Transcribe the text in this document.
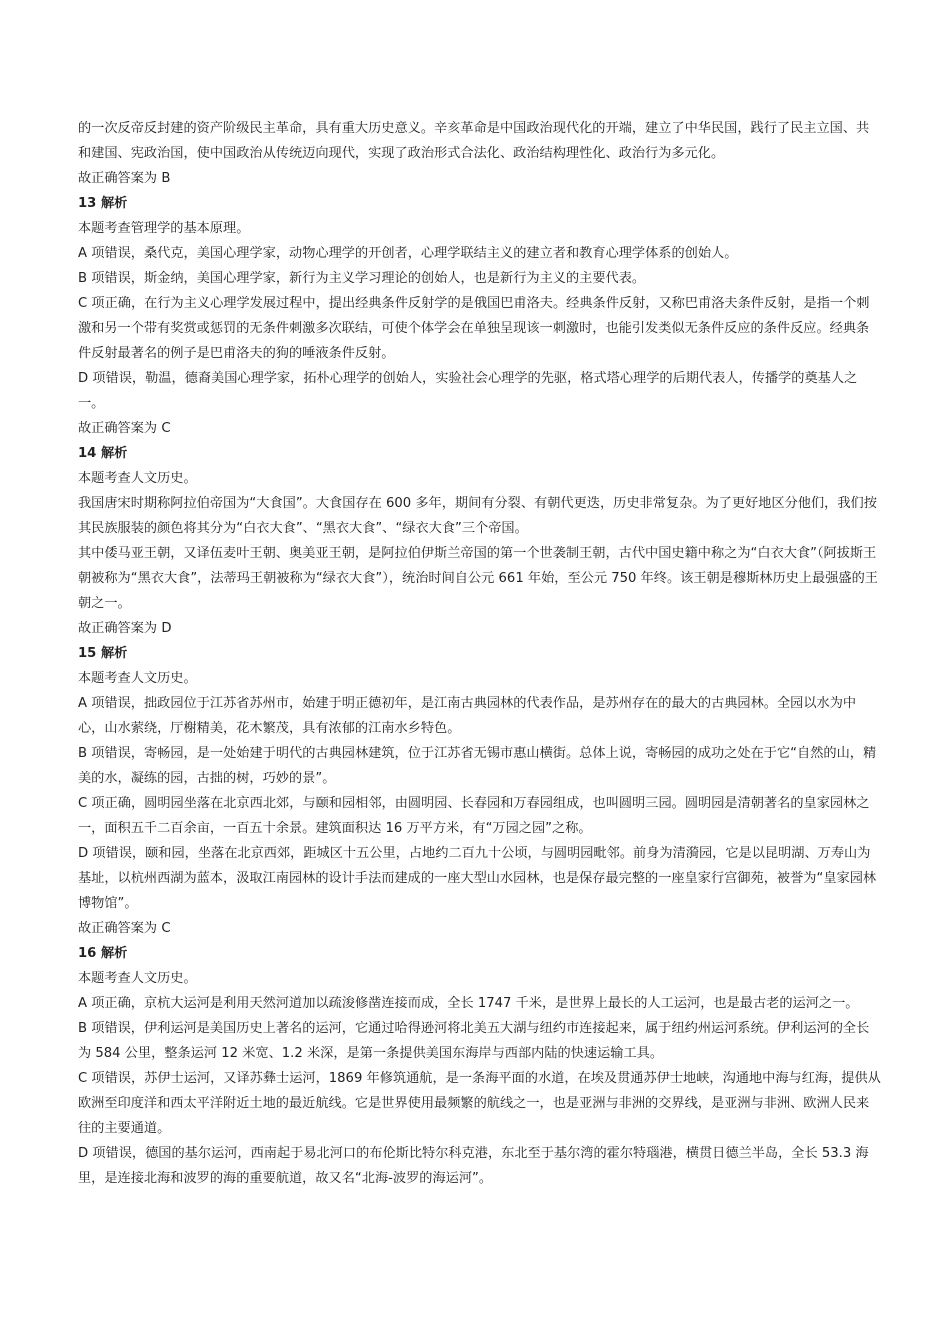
的一次反帝反封建的资产阶级民主革命，具有重大历史意义。辛亥革命是中国政治现代化的开端，建立了中华民国，践行了民主立国、共和建国、宪政治国，使中国政治从传统迈向现代，实现了政治形式合法化、政治结构理性化、政治行为多元化。

故正确答案为 B

13 解析

本题考查管理学的基本原理。

A 项错误，桑代克，美国心理学家，动物心理学的开创者，心理学联结主义的建立者和教育心理学体系的创始人。

B 项错误，斯金纳，美国心理学家，新行为主义学习理论的创始人，也是新行为主义的主要代表。

C 项正确，在行为主义心理学发展过程中，提出经典条件反射学的是俄国巴甫洛夫。经典条件反射，又称巴甫洛夫条件反射，是指一个刺激和另一个带有奖赏或惩罚的无条件刺激多次联结，可使个体学会在单独呈现该一刺激时，也能引发类似无条件反应的条件反应。经典条件反射最著名的例子是巴甫洛夫的狗的唾液条件反射。

D 项错误，勒温，德裔美国心理学家，拓朴心理学的创始人，实验社会心理学的先驱，格式塔心理学的后期代表人，传播学的奠基人之一。

故正确答案为 C

14 解析

本题考查人文历史。

我国唐宋时期称阿拉伯帝国为“大食国”。大食国存在 600 多年，期间有分裂、有朝代更迭，历史非常复杂。为了更好地区分他们，我们按其民族服装的颜色将其分为“白衣大食”、“黑衣大食”、“绿衣大食”三个帝国。

其中倭马亚王朝，又译伍麦叶王朝、奥美亚王朝，是阿拉伯伊斯兰帝国的第一个世袭制王朝，古代中国史籍中称之为“白衣大食”（阿拔斯王朝被称为“黑衣大食”，法蒂玛王朝被称为“绿衣大食”），统治时间自公元 661 年始，至公元 750 年终。该王朝是穆斯林历史上最强盛的王朝之一。

故正确答案为 D

15 解析

本题考查人文历史。

A 项错误，拙政园位于江苏省苏州市，始建于明正德初年，是江南古典园林的代表作品，是苏州存在的最大的古典园林。全园以水为中心，山水萦绕，厅榭精美，花木繁茂，具有浓郁的江南水乡特色。

B 项错误，寄畅园，是一处始建于明代的古典园林建筑，位于江苏省无锡市惠山横街。总体上说，寄畅园的成功之处在于它“自然的山，精美的水，凝练的园，古拙的树，巧妙的景”。

C 项正确，圆明园坐落在北京西北郊，与颐和园相邻，由圆明园、长春园和万春园组成，也叫圆明三园。圆明园是清朝著名的皇家园林之一，面积五千二百余亩，一百五十余景。建筑面积达 16 万平方米，有“万园之园”之称。

D 项错误，颐和园，坐落在北京西郊，距城区十五公里，占地约二百九十公顷，与圆明园毗邻。前身为清漪园，它是以昆明湖、万寿山为基址，以杭州西湖为蓝本，汲取江南园林的设计手法而建成的一座大型山水园林，也是保存最完整的一座皇家行宫御苑，被誉为“皇家园林博物馆”。

故正确答案为 C

16 解析

本题考查人文历史。

A 项正确，京杭大运河是利用天然河道加以疏浚修凿连接而成，全长 1747 千米，是世界上最长的人工运河，也是最古老的运河之一。

B 项错误，伊利运河是美国历史上著名的运河，它通过哈得逊河将北美五大湖与纽约市连接起来，属于纽约州运河系统。伊利运河的全长为 584 公里，整条运河 12 米宽、1.2 米深，是第一条提供美国东海岸与西部内陆的快速运输工具。

C 项错误，苏伊士运河，又译苏彝士运河，1869 年修筑通航，是一条海平面的水道，在埃及贯通苏伊士地峡，沟通地中海与红海，提供从欧洲至印度洋和西太平洋附近土地的最近航线。它是世界使用最频繁的航线之一，也是亚洲与非洲的交界线，是亚洲与非洲、欧洲人民来往的主要通道。

D 项错误，德国的基尔运河，西南起于易北河口的布伦斯比特尔科克港，东北至于基尔湾的霍尔特瑙港，横贯日德兰半岛，全长 53.3 海里，是连接北海和波罗的海的重要航道，故又名“北海-波罗的海运河”。
